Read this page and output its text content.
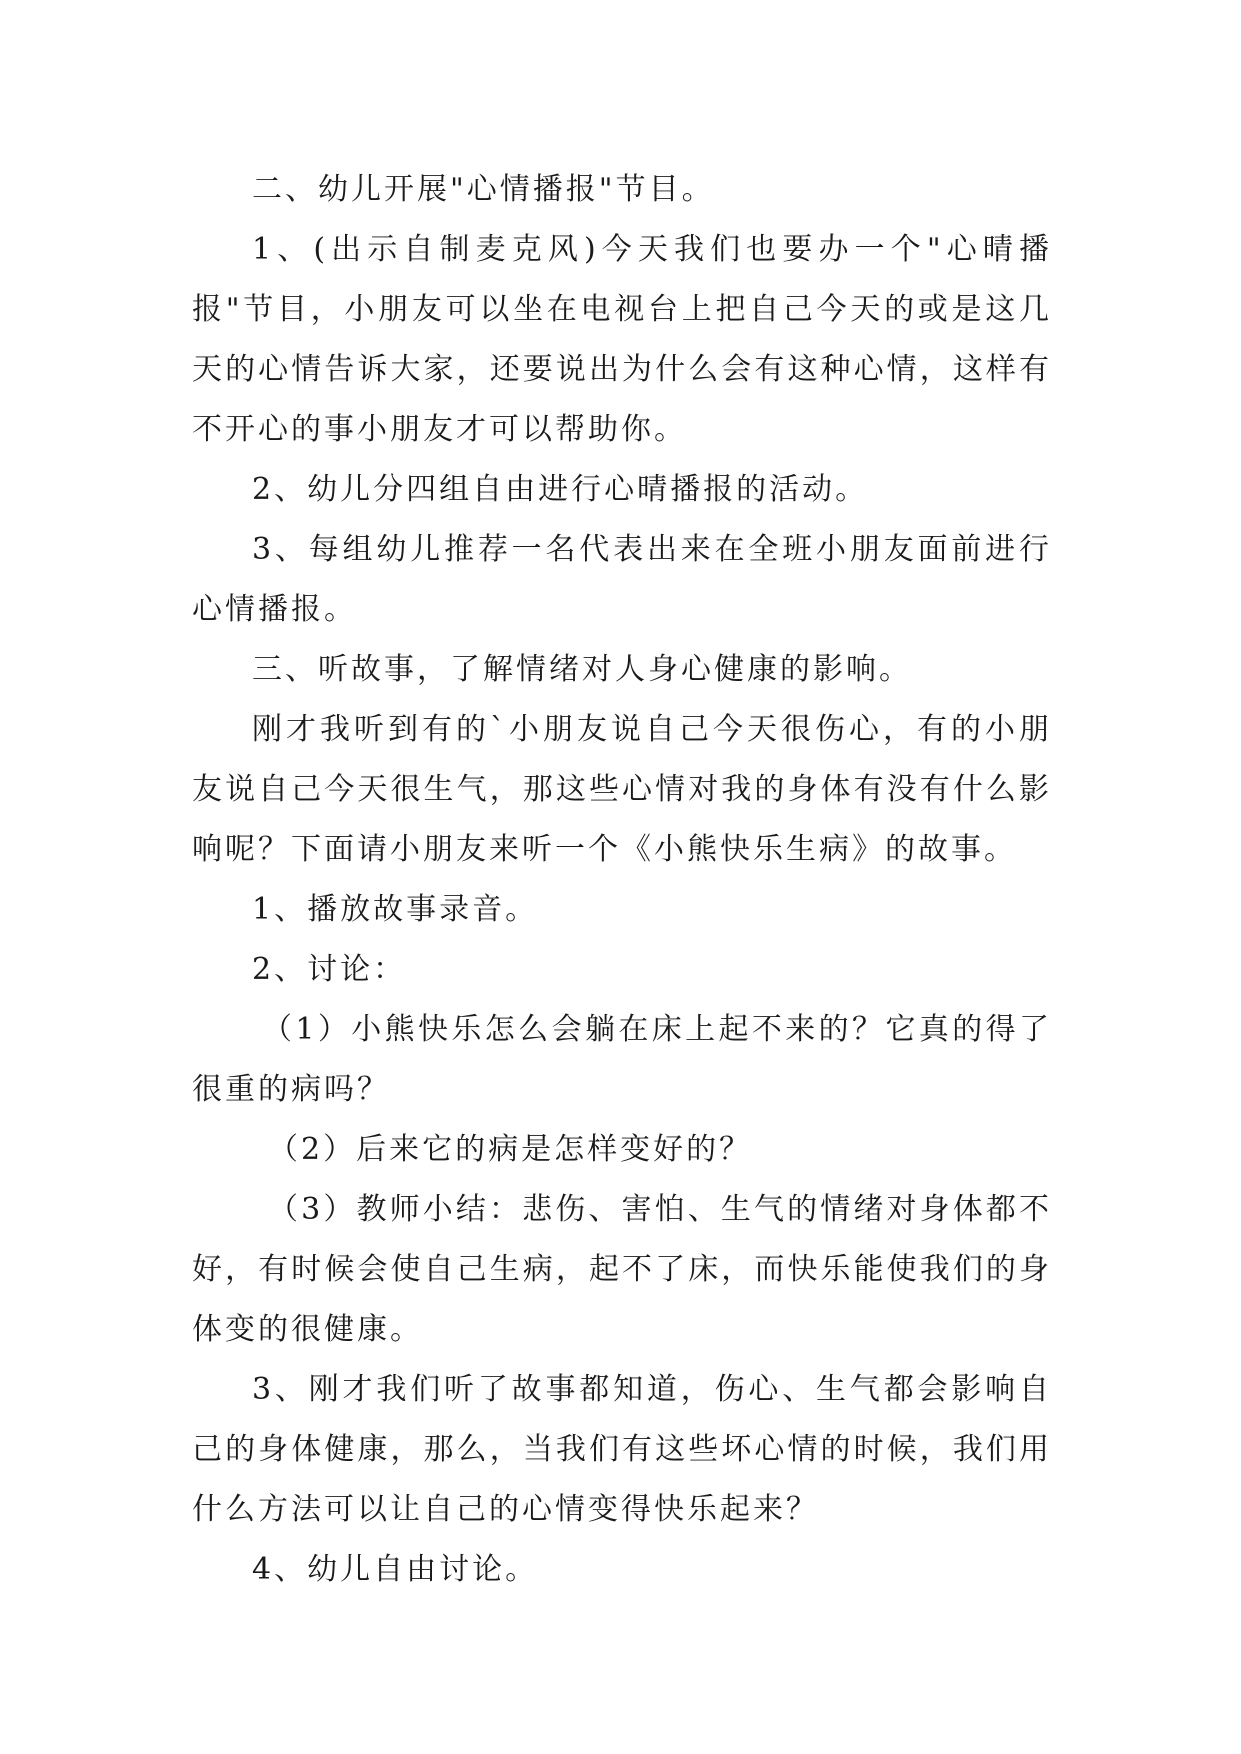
二、幼儿开展"心情播报"节目。

1、(出示自制麦克风)今天我们也要办一个"心晴播报"节目，小朋友可以坐在电视台上把自己今天的或是这几天的心情告诉大家，还要说出为什么会有这种心情，这样有不开心的事小朋友才可以帮助你。

2、幼儿分四组自由进行心晴播报的活动。

3、每组幼儿推荐一名代表出来在全班小朋友面前进行心情播报。

三、听故事，了解情绪对人身心健康的影响。

刚才我听到有的`小朋友说自己今天很伤心，有的小朋友说自己今天很生气，那这些心情对我的身体有没有什么影响呢？下面请小朋友来听一个《小熊快乐生病》的故事。

1、播放故事录音。

2、讨论：

（1）小熊快乐怎么会躺在床上起不来的？它真的得了很重的病吗？

（2）后来它的病是怎样变好的？

（3）教师小结：悲伤、害怕、生气的情绪对身体都不好，有时候会使自己生病，起不了床，而快乐能使我们的身体变的很健康。

3、刚才我们听了故事都知道，伤心、生气都会影响自己的身体健康，那么，当我们有这些坏心情的时候，我们用什么方法可以让自己的心情变得快乐起来？

4、幼儿自由讨论。
